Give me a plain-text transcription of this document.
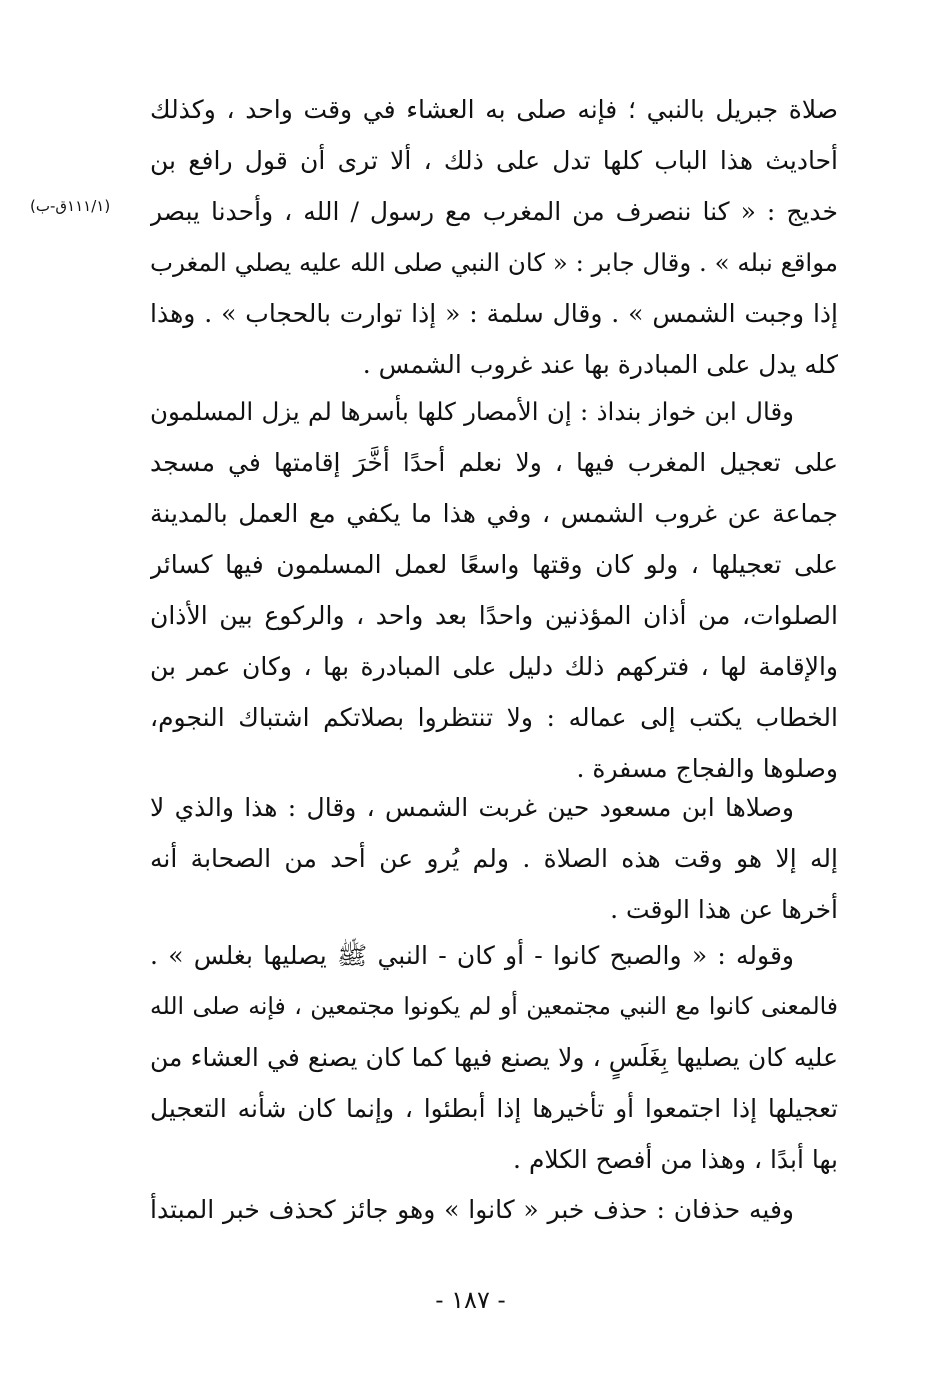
(١١١/١ق-ب)
صلاة جبريل بالنبي ؛ فإنه صلى به العشاء في وقت واحد ، وكذلك
أحاديث هذا الباب كلها تدل على ذلك ، ألا ترى أن قول رافع بن
خديج : « كنا ننصرف من المغرب مع رسول / الله ، وأحدنا يبصر
مواقع نبله » . وقال جابر : « كان النبي صلى الله عليه يصلي المغرب
إذا وجبت الشمس » . وقال سلمة : « إذا توارت بالحجاب » . وهذا
كله يدل على المبادرة بها عند غروب الشمس .
وقال ابن خواز بنداذ : إن الأمصار كلها بأسرها لم يزل المسلمون
على تعجيل المغرب فيها ، ولا نعلم أحدًا أخَّرَ إقامتها في مسجد
جماعة عن غروب الشمس ، وفي هذا ما يكفي مع العمل بالمدينة
على تعجيلها ، ولو كان وقتها واسعًا لعمل المسلمون فيها كسائر
الصلوات، من أذان المؤذنين واحدًا بعد واحد ، والركوع بين الأذان
والإقامة لها ، فتركهم ذلك دليل على المبادرة بها ، وكان عمر بن
الخطاب يكتب إلى عماله : ولا تنتظروا بصلاتكم اشتباك النجوم،
وصلوها والفجاج مسفرة .
وصلاها ابن مسعود حين غربت الشمس ، وقال : هذا والذي لا
إله إلا هو وقت هذه الصلاة . ولم يُرو عن أحد من الصحابة أنه
أخرها عن هذا الوقت .
وقوله : « والصبح كانوا - أو كان - النبي ﷺ يصليها بغلس » .
فالمعنى كانوا مع النبي مجتمعين أو لم يكونوا مجتمعين ، فإنه صلى الله
عليه كان يصليها بِغَلَسٍ ، ولا يصنع فيها كما كان يصنع في العشاء من
تعجيلها إذا اجتمعوا أو تأخيرها إذا أبطئوا ، وإنما كان شأنه التعجيل
بها أبدًا ، وهذا من أفصح الكلام .
وفيه حذفان : حذف خبر « كانوا » وهو جائز كحذف خبر المبتدأ
- ١٨٧ -
